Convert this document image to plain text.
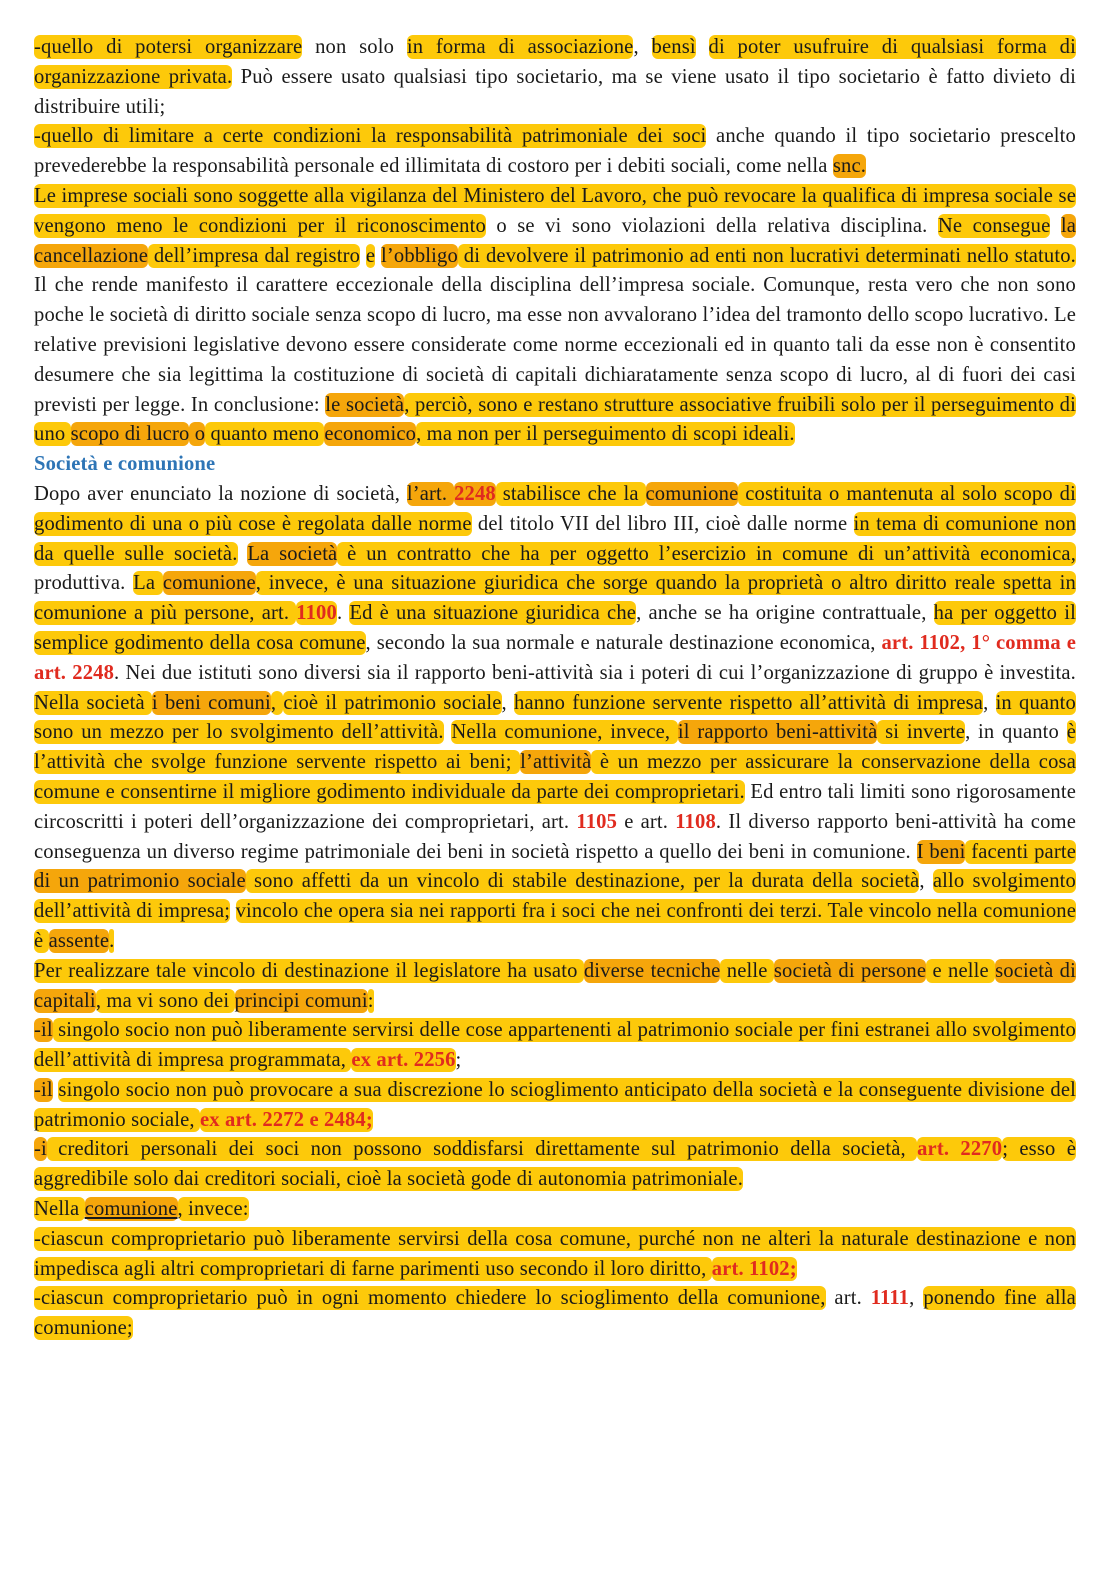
-quello di potersi organizzare non solo in forma di associazione, bensì di poter usufruire di qualsiasi forma di organizzazione privata. Può essere usato qualsiasi tipo societario, ma se viene usato il tipo societario è fatto divieto di distribuire utili;

-quello di limitare a certe condizioni la responsabilità patrimoniale dei soci anche quando il tipo societario prescelto prevederebbe la responsabilità personale ed illimitata di costoro per i debiti sociali, come nella snc.

Le imprese sociali sono soggette alla vigilanza del Ministero del Lavoro, che può revocare la qualifica di impresa sociale se vengono meno le condizioni per il riconoscimento o se vi sono violazioni della relativa disciplina. Ne consegue la cancellazione dell’impresa dal registro e l’obbligo di devolvere il patrimonio ad enti non lucrativi determinati nello statuto. Il che rende manifesto il carattere eccezionale della disciplina dell’impresa sociale. Comunque, resta vero che non sono poche le società di diritto sociale senza scopo di lucro, ma esse non avvalorano l’idea del tramonto dello scopo lucrativo. Le relative previsioni legislative devono essere considerate come norme eccezionali ed in quanto tali da esse non è consentito desumere che sia legittima la costituzione di società di capitali dichiaratamente senza scopo di lucro, al di fuori dei casi previsti per legge. In conclusione: le società, perciò, sono e restano strutture associative fruibili solo per il perseguimento di uno scopo di lucro o quanto meno economico, ma non per il perseguimento di scopi ideali.

Società e comunione

Dopo aver enunciato la nozione di società, l’art. 2248 stabilisce che la comunione costituita o mantenuta al solo scopo di godimento di una o più cose è regolata dalle norme del titolo VII del libro III, cioè dalle norme in tema di comunione non da quelle sulle società. La società è un contratto che ha per oggetto l’esercizio in comune di un’attività economica, produttiva. La comunione, invece, è una situazione giuridica che sorge quando la proprietà o altro diritto reale spetta in comunione a più persone, art. 1100. Ed è una situazione giuridica che, anche se ha origine contrattuale, ha per oggetto il semplice godimento della cosa comune, secondo la sua normale e naturale destinazione economica, art. 1102, 1° comma e art. 2248. Nei due istituti sono diversi sia il rapporto beni-attività sia i poteri di cui l’organizzazione di gruppo è investita. Nella società i beni comuni, cioè il patrimonio sociale, hanno funzione servente rispetto all’attività di impresa, in quanto sono un mezzo per lo svolgimento dell’attività. Nella comunione, invece, il rapporto beni-attività si inverte, in quanto è l’attività che svolge funzione servente rispetto ai beni; l’attività è un mezzo per assicurare la conservazione della cosa comune e consentirne il migliore godimento individuale da parte dei comproprietari. Ed entro tali limiti sono rigorosamente circoscritti i poteri dell’organizzazione dei comproprietari, art. 1105 e art. 1108. Il diverso rapporto beni-attività ha come conseguenza un diverso regime patrimoniale dei beni in società rispetto a quello dei beni in comunione. I beni facenti parte di un patrimonio sociale sono affetti da un vincolo di stabile destinazione, per la durata della società, allo svolgimento dell’attività di impresa; vincolo che opera sia nei rapporti fra i soci che nei confronti dei terzi. Tale vincolo nella comunione è assente.

Per realizzare tale vincolo di destinazione il legislatore ha usato diverse tecniche nelle società di persone e nelle società di capitali, ma vi sono dei principi comuni:

-il singolo socio non può liberamente servirsi delle cose appartenenti al patrimonio sociale per fini estranei allo svolgimento dell’attività di impresa programmata, ex art. 2256;

-il singolo socio non può provocare a sua discrezione lo scioglimento anticipato della società e la conseguente divisione del patrimonio sociale, ex art. 2272 e 2484;

-i creditori personali dei soci non possono soddisfarsi direttamente sul patrimonio della società, art. 2270; esso è aggredibile solo dai creditori sociali, cioè la società gode di autonomia patrimoniale.

Nella comunione, invece:

-ciascun comproprietario può liberamente servirsi della cosa comune, purché non ne alteri la naturale destinazione e non impedisca agli altri comproprietari di farne parimenti uso secondo il loro diritto, art. 1102;

-ciascun comproprietario può in ogni momento chiedere lo scioglimento della comunione, art. 1111, ponendo fine alla comunione;
